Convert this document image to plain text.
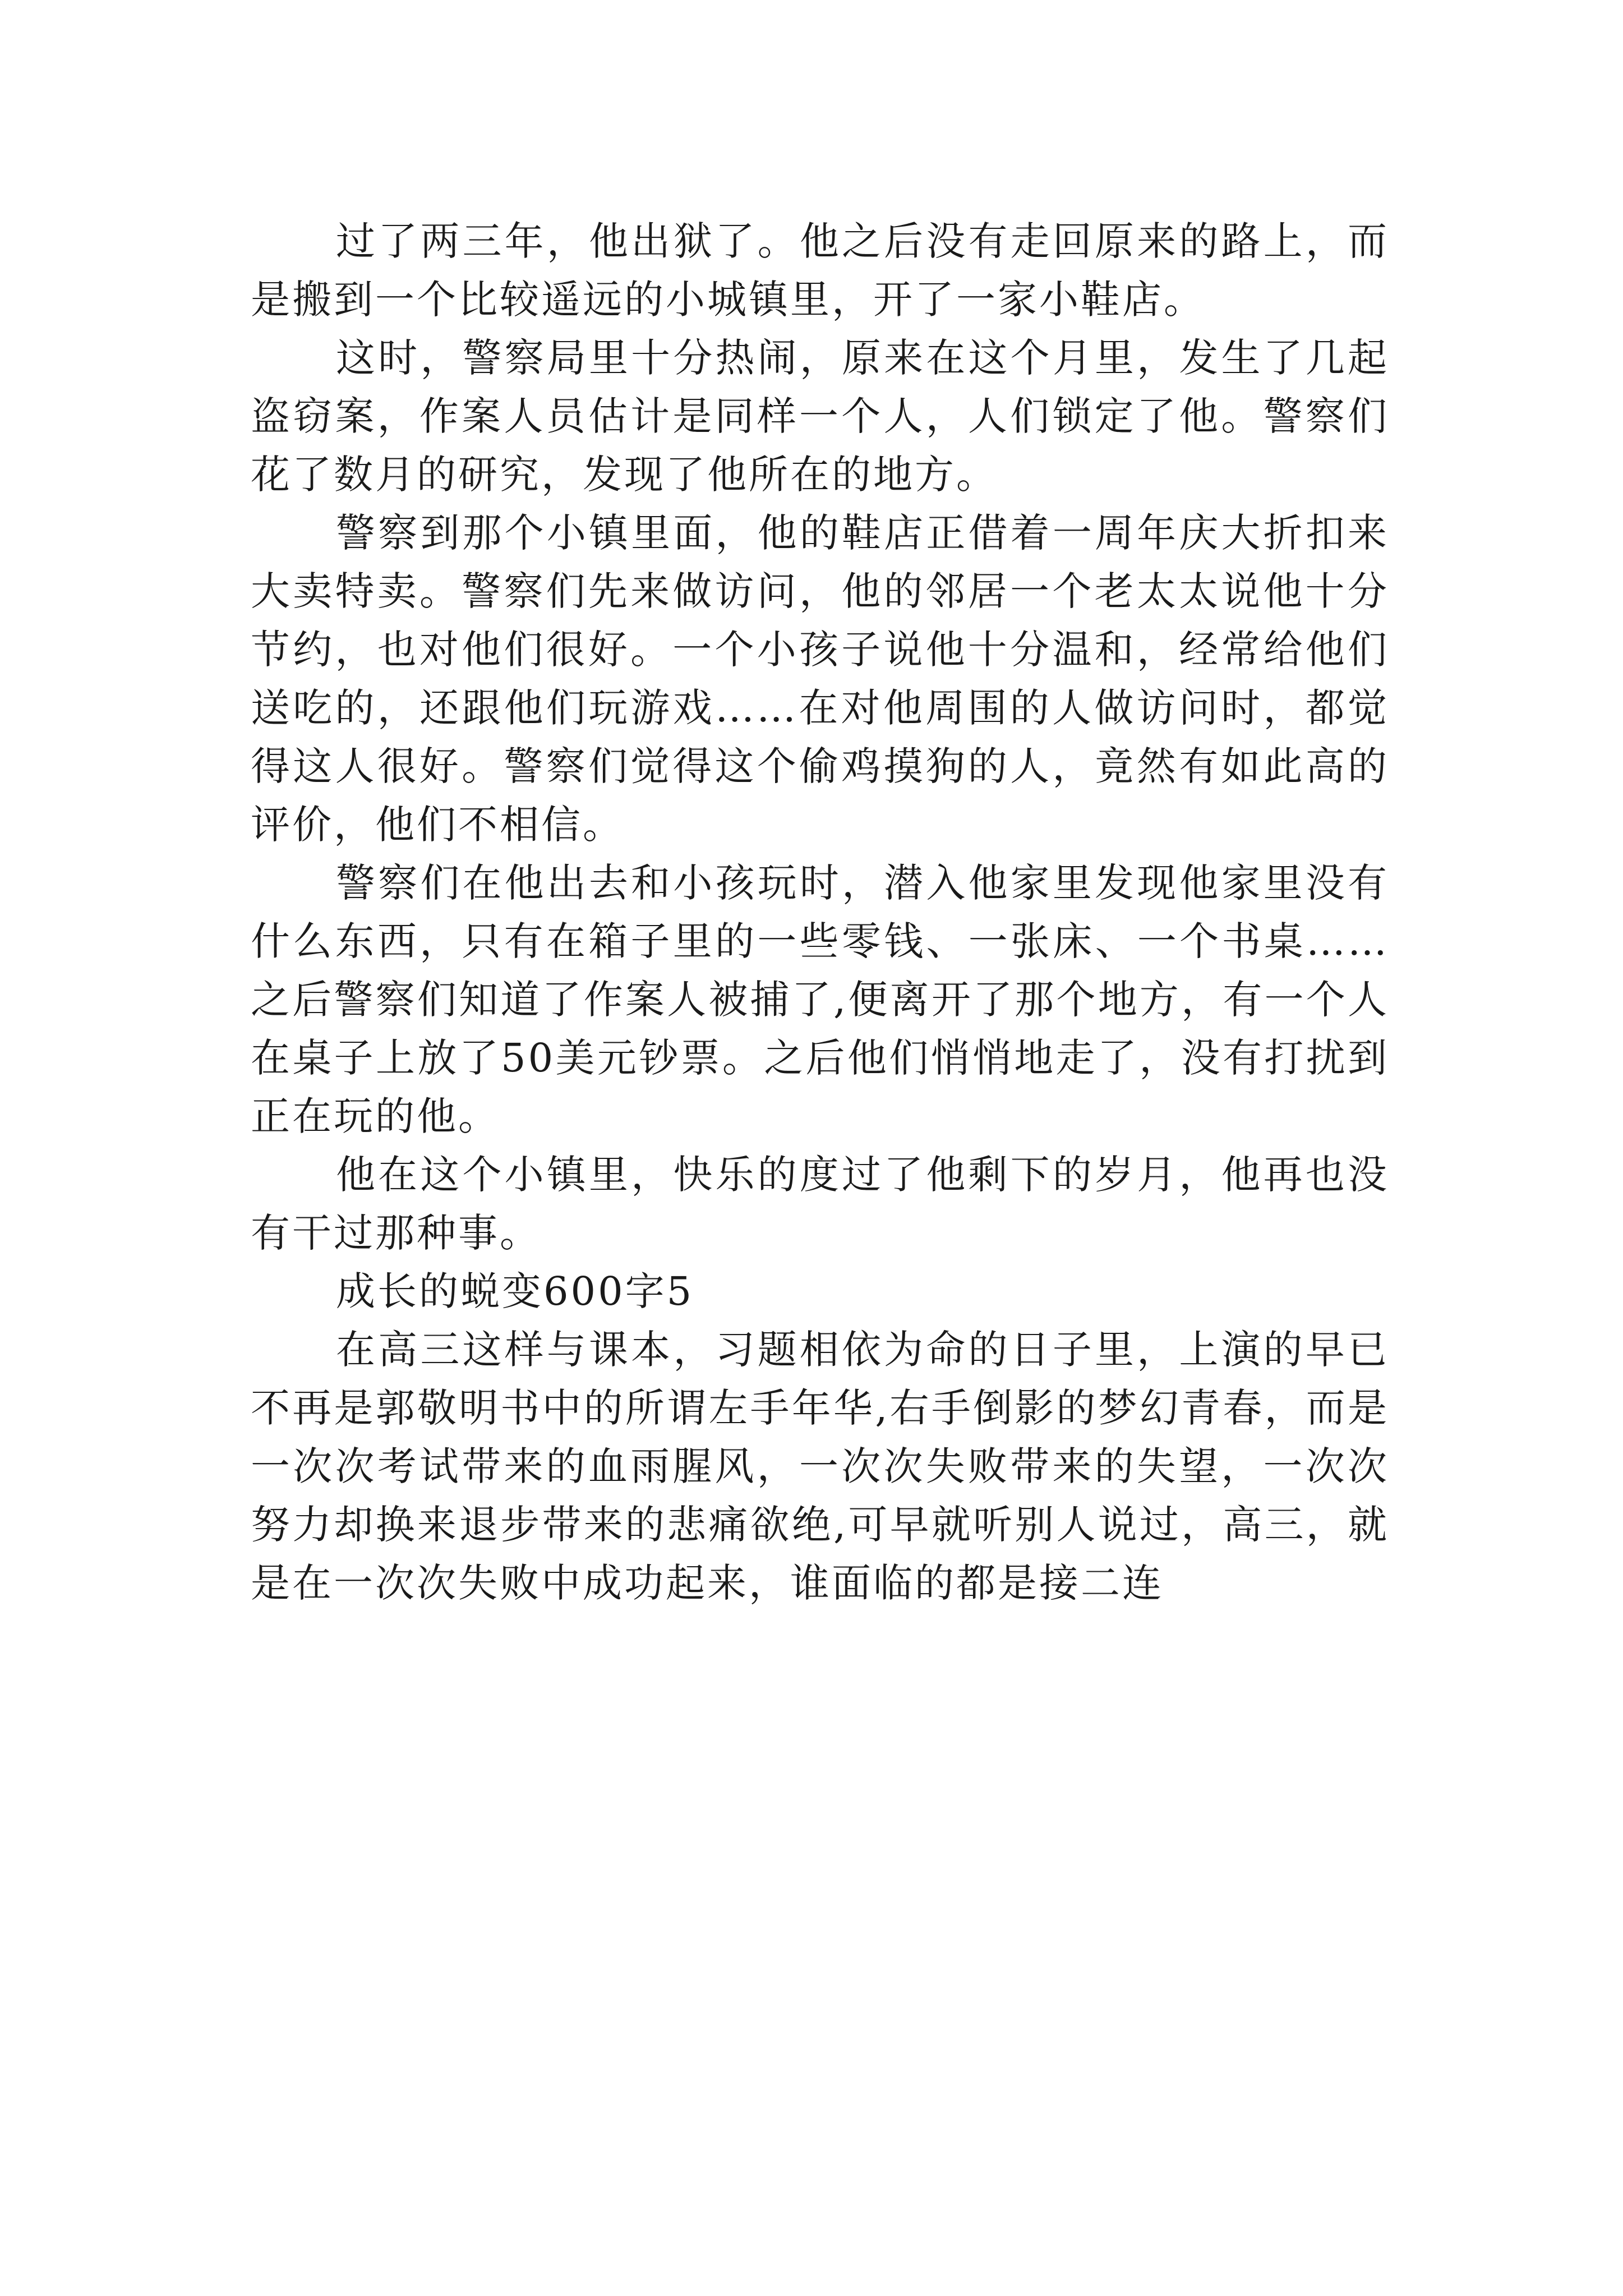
过了两三年，他出狱了。他之后没有走回原来的路上，而是搬到一个比较遥远的小城镇里，开了一家小鞋店。

这时，警察局里十分热闹，原来在这个月里，发生了几起盗窃案，作案人员估计是同样一个人，人们锁定了他。警察们花了数月的研究，发现了他所在的地方。

警察到那个小镇里面，他的鞋店正借着一周年庆大折扣来大卖特卖。警察们先来做访问，他的邻居一个老太太说他十分节约，也对他们很好。一个小孩子说他十分温和，经常给他们送吃的，还跟他们玩游戏……在对他周围的人做访问时，都觉得这人很好。警察们觉得这个偷鸡摸狗的人，竟然有如此高的评价，他们不相信。

警察们在他出去和小孩玩时，潜入他家里发现他家里没有什么东西，只有在箱子里的一些零钱、一张床、一个书桌……之后警察们知道了作案人被捕了,便离开了那个地方，有一个人在桌子上放了50美元钞票。之后他们悄悄地走了，没有打扰到正在玩的他。

他在这个小镇里，快乐的度过了他剩下的岁月，他再也没有干过那种事。

成长的蜕变600字5

在高三这样与课本，习题相依为命的日子里，上演的早已不再是郭敬明书中的所谓左手年华,右手倒影的梦幻青春，而是一次次考试带来的血雨腥风，一次次失败带来的失望，一次次努力却换来退步带来的悲痛欲绝,可早就听别人说过，高三，就是在一次次失败中成功起来，谁面临的都是接二连
